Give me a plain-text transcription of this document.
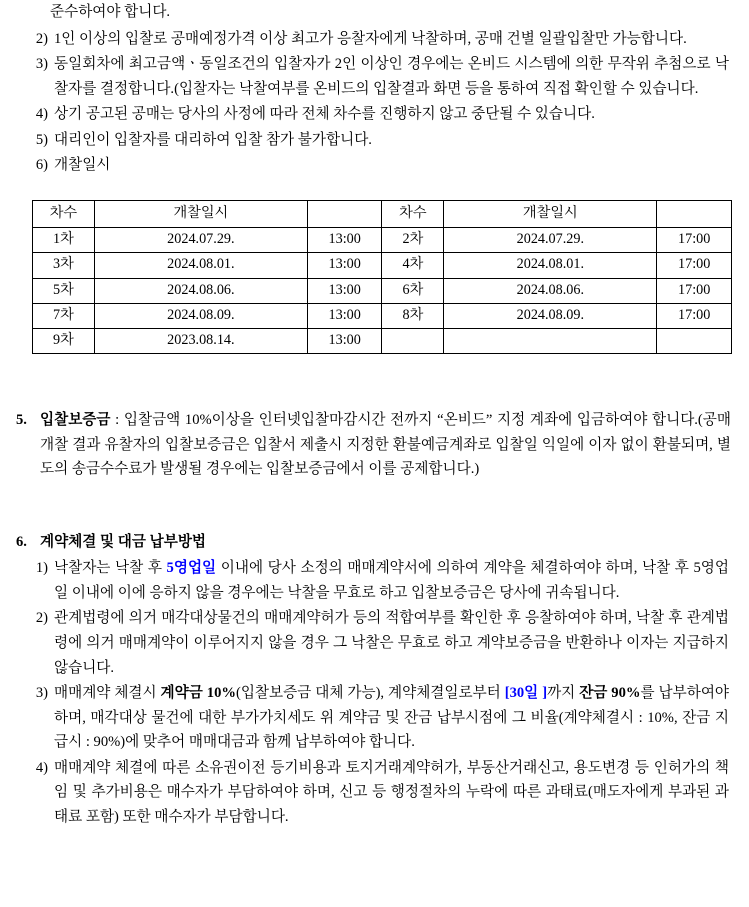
준수하여야 합니다.
2) 1인 이상의 입찰로 공매예정가격 이상 최고가 응찰자에게 낙찰하며, 공매 건별 일괄입찰만 가능합니다.
3) 동일회차에 최고금액ㆍ동일조건의 입찰자가 2인 이상인 경우에는 온비드 시스템에 의한 무작위 추첨으로 낙찰자를 결정합니다.(입찰자는 낙찰여부를 온비드의 입찰결과 화면 등을 통하여 직접 확인할 수 있습니다.
4) 상기 공고된 공매는 당사의 사정에 따라 전체 차수를 진행하지 않고 중단될 수 있습니다.
5) 대리인이 입찰자를 대리하여 입찰 참가 불가합니다.
6) 개찰일시
차수	개찰일시		차수	개찰일시	
1차	2024.07.29.	13:00	2차	2024.07.29.	17:00
3차	2024.08.01.	13:00	4차	2024.08.01.	17:00
5차	2024.08.06.	13:00	6차	2024.08.06.	17:00
7차	2024.08.09.	13:00	8차	2024.08.09.	17:00
9차	2023.08.14.	13:00			
5. 입찰보증금 : 입찰금액 10%이상을 인터넷입찰마감시간 전까지 “온비드” 지정 계좌에 입금하여야 합니다.(공매개찰 결과 유찰자의 입찰보증금은 입찰서 제출시 지정한 환불예금계좌로 입찰일 익일에 이자 없이 환불되며, 별도의 송금수수료가 발생될 경우에는 입찰보증금에서 이를 공제합니다.)
6. 계약체결 및 대금 납부방법
1) 낙찰자는 낙찰 후 5영업일 이내에 당사 소정의 매매계약서에 의하여 계약을 체결하여야 하며, 낙찰 후 5영업일 이내에 이에 응하지 않을 경우에는 낙찰을 무효로 하고 입찰보증금은 당사에 귀속됩니다.
2) 관계법령에 의거 매각대상물건의 매매계약허가 등의 적합여부를 확인한 후 응찰하여야 하며, 낙찰 후 관계법령에 의거 매매계약이 이루어지지 않을 경우 그 낙찰은 무효로 하고 계약보증금을 반환하나 이자는 지급하지 않습니다.
3) 매매계약 체결시 계약금 10%(입찰보증금 대체 가능), 계약체결일로부터 [30일 ]까지 잔금 90%를 납부하여야 하며, 매각대상 물건에 대한 부가가치세도 위 계약금 및 잔금 납부시점에 그 비율(계약체결시 : 10%, 잔금 지급시 : 90%)에 맞추어 매매대금과 함께 납부하여야 합니다.
4) 매매계약 체결에 따른 소유권이전 등기비용과 토지거래계약허가, 부동산거래신고, 용도변경 등 인허가의 책임 및 추가비용은 매수자가 부담하여야 하며, 신고 등 행정절차의 누락에 따른 과태료(매도자에게 부과된 과태료 포함) 또한 매수자가 부담합니다.
